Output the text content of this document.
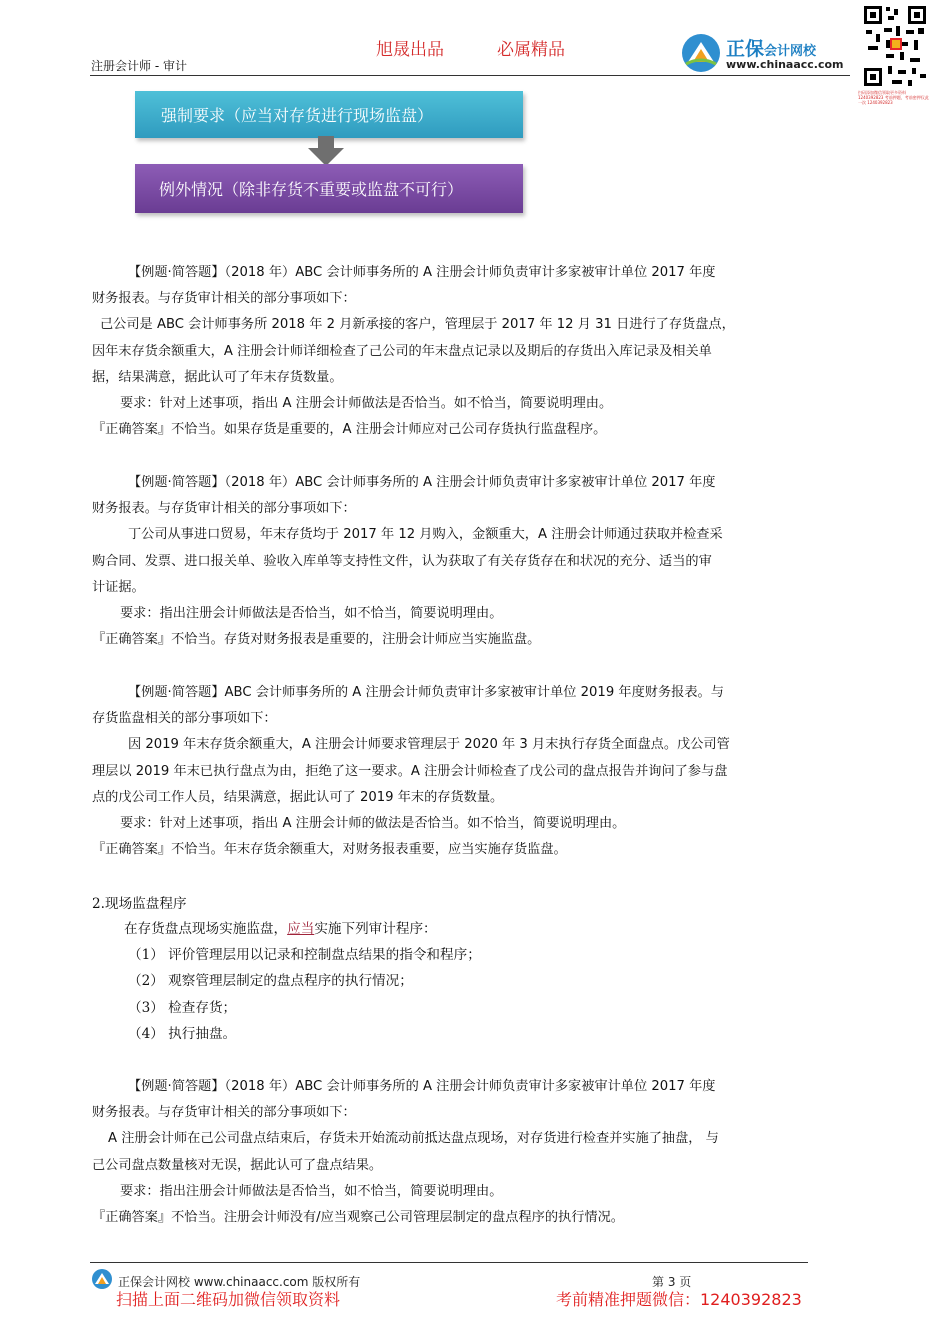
旭晟出品	必属精品
注册会计师 - 审计
正保会计网校
www.chinaacc.com
扫码添加微信领取更多资料 1240392823 考前押题，考前密押仅此一次 1240392823
强制要求（应当对存货进行现场监盘）
例外情况（除非存货不重要或监盘不可行）
【例题·简答题】（2018 年）ABC 会计师事务所的 A 注册会计师负责审计多家被审计单位 2017 年度
财务报表。与存货审计相关的部分事项如下：
己公司是 ABC 会计师事务所 2018 年 2 月新承接的客户，管理层于 2017 年 12 月 31 日进行了存货盘点，
因年末存货余额重大，A 注册会计师详细检查了己公司的年末盘点记录以及期后的存货出入库记录及相关单
据，结果满意，据此认可了年末存货数量。
要求：针对上述事项，指出 A 注册会计师做法是否恰当。如不恰当，简要说明理由。
『正确答案』不恰当。如果存货是重要的，A 注册会计师应对己公司存货执行监盘程序。
【例题·简答题】（2018 年）ABC 会计师事务所的 A 注册会计师负责审计多家被审计单位 2017 年度
财务报表。与存货审计相关的部分事项如下：
丁公司从事进口贸易，年末存货均于 2017 年 12 月购入，金额重大，A 注册会计师通过获取并检查采
购合同、发票、进口报关单、验收入库单等支持性文件，认为获取了有关存货存在和状况的充分、适当的审
计证据。
要求：指出注册会计师做法是否恰当，如不恰当，简要说明理由。
『正确答案』不恰当。存货对财务报表是重要的，注册会计师应当实施监盘。
【例题·简答题】ABC 会计师事务所的 A 注册会计师负责审计多家被审计单位 2019 年度财务报表。与
存货监盘相关的部分事项如下：
因 2019 年末存货余额重大，A 注册会计师要求管理层于 2020 年 3 月末执行存货全面盘点。戊公司管
理层以 2019 年末已执行盘点为由，拒绝了这一要求。A 注册会计师检查了戊公司的盘点报告并询问了参与盘
点的戊公司工作人员，结果满意，据此认可了 2019 年末的存货数量。
要求：针对上述事项，指出 A 注册会计师的做法是否恰当。如不恰当，简要说明理由。
『正确答案』不恰当。年末存货余额重大，对财务报表重要，应当实施存货监盘。
【例题·简答题】（2018 年）ABC 会计师事务所的 A 注册会计师负责审计多家被审计单位 2017 年度
财务报表。与存货审计相关的部分事项如下：
A 注册会计师在己公司盘点结束后，存货未开始流动前抵达盘点现场，对存货进行检查并实施了抽盘， 与
己公司盘点数量核对无误，据此认可了盘点结果。
要求：指出注册会计师做法是否恰当，如不恰当，简要说明理由。
『正确答案』不恰当。注册会计师没有/应当观察己公司管理层制定的盘点程序的执行情况。
2.现场监盘程序
在存货盘点现场实施监盘，应当实施下列审计程序：
（1） 评价管理层用以记录和控制盘点结果的指令和程序；
（2） 观察管理层制定的盘点程序的执行情况；
（3） 检查存货；
（4） 执行抽盘。
正保会计网校 www.chinaacc.com 版权所有	第 3 页
扫描上面二维码加微信领取资料	考前精准押题微信：1240392823
